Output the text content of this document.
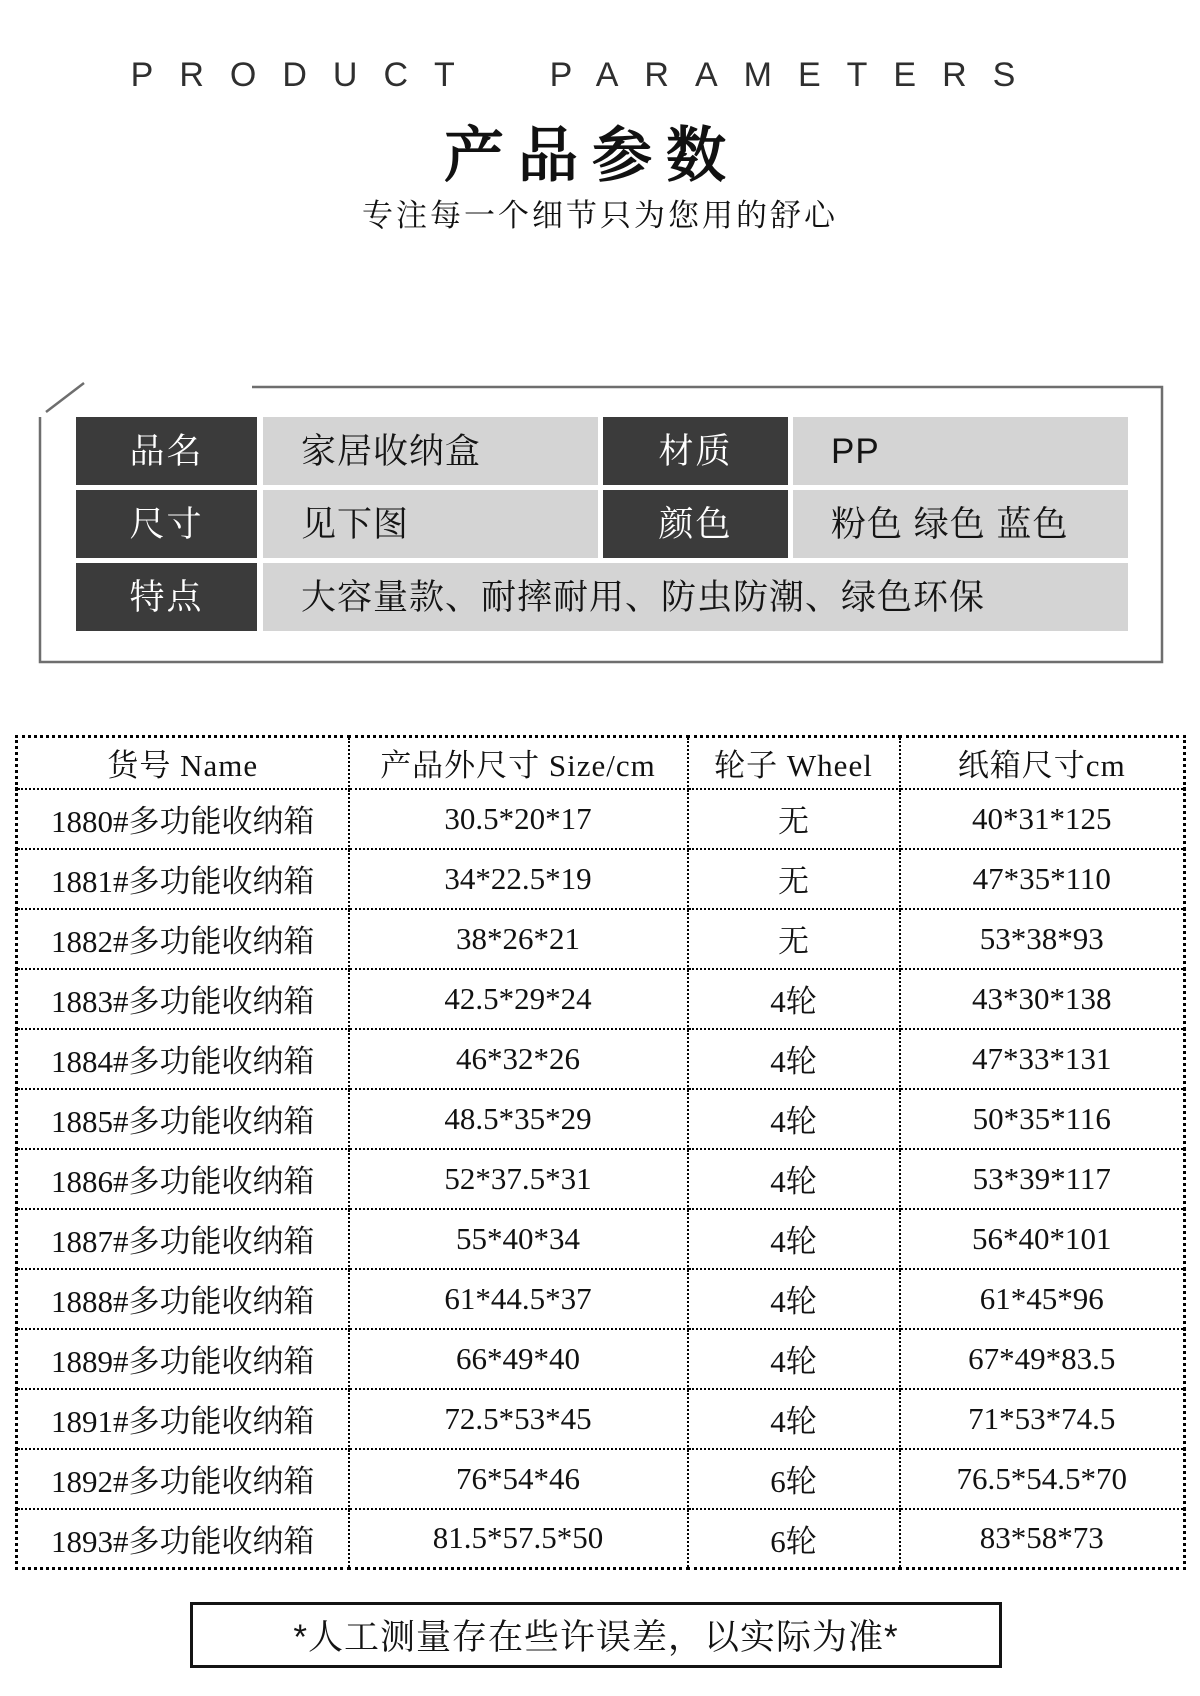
PRODUCT PARAMETERS
产品参数
专注每一个细节只为您用的舒心
品名	家居收纳盒	材质	PP
尺寸	见下图	颜色	粉色 绿色 蓝色
特点	大容量款、耐摔耐用、防虫防潮、绿色环保
货号 Name	产品外尺寸 Size/cm	轮子 Wheel	纸箱尺寸cm
1880#多功能收纳箱	30.5*20*17	无	40*31*125
1881#多功能收纳箱	34*22.5*19	无	47*35*110
1882#多功能收纳箱	38*26*21	无	53*38*93
1883#多功能收纳箱	42.5*29*24	4轮	43*30*138
1884#多功能收纳箱	46*32*26	4轮	47*33*131
1885#多功能收纳箱	48.5*35*29	4轮	50*35*116
1886#多功能收纳箱	52*37.5*31	4轮	53*39*117
1887#多功能收纳箱	55*40*34	4轮	56*40*101
1888#多功能收纳箱	61*44.5*37	4轮	61*45*96
1889#多功能收纳箱	66*49*40	4轮	67*49*83.5
1891#多功能收纳箱	72.5*53*45	4轮	71*53*74.5
1892#多功能收纳箱	76*54*46	6轮	76.5*54.5*70
1893#多功能收纳箱	81.5*57.5*50	6轮	83*58*73
*人工测量存在些许误差，以实际为准*
